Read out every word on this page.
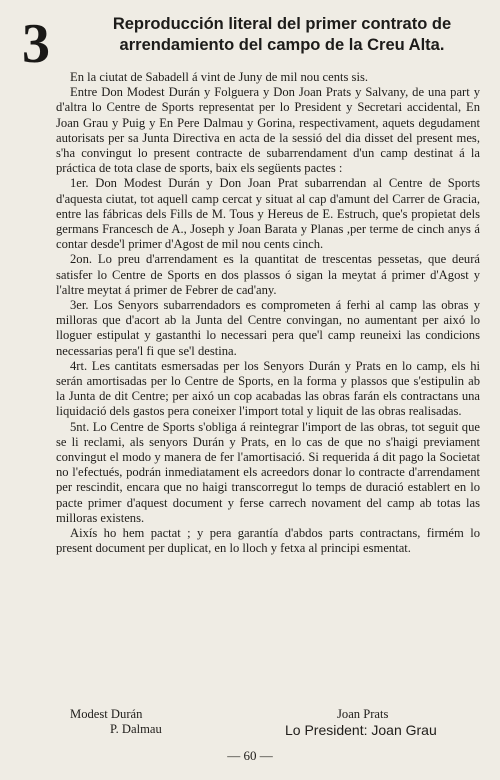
3	Reproducción literal del primer contrato de arrendamiento del campo de la Creu Alta.

En la ciutat de Sabadell á vint de Juny de mil nou cents sis.

Entre Don Modest Durán y Folguera y Don Joan Prats y Salvany, de una part y d'altra lo Centre de Sports representat per lo President y Secretari accidental, En Joan Grau y Puig y En Pere Dalmau y Gorina, respectivament, aquets degudament autorisats per sa Junta Directiva en acta de la sessió del dia disset del present mes, s'ha convingut lo present contracte de subarrendament d'un camp destinat á la práctica de tota clase de sports, baix els següents pactes :

1er. Don Modest Durán y Don Joan Prat subarrendan al Centre de Sports d'aquesta ciutat, tot aquell camp cercat y situat al cap d'amunt del Carrer de Gracia, entre las fábricas dels Fills de M. Tous y Hereus de E. Estruch, que's propietat dels germans Francesch de A., Joseph y Joan Barata y Planas ,per terme de cinch anys á contar desde'l primer d'Agost de mil nou cents cinch.

2on. Lo preu d'arrendament es la quantitat de trescentas pessetas, que deurá satisfer lo Centre de Sports en dos plassos ó sigan la meytat á primer d'Agost y l'altre meytat á primer de Febrer de cad'any.

3er. Los Senyors subarrendadors es comprometen á ferhi al camp las obras y milloras que d'acort ab la Junta del Centre convingan, no aumentant per aixó lo lloguer estipulat y gastanthi lo necessari pera que'l camp reuneixi las condicions necessarias pera'l fi que se'l destina.

4rt. Les cantitats esmersadas per los Senyors Durán y Prats en lo camp, els hi serán amortisadas per lo Centre de Sports, en la forma y plassos que s'estipulin ab la Junta de dit Centre; per aixó un cop acabadas las obras farán els contractans una liquidació dels gastos pera coneixer l'import total y liquit de las obras realisadas.

5nt. Lo Centre de Sports s'obliga á reintegrar l'import de las obras, tot seguit que se li reclami, als senyors Durán y Prats, en lo cas de que no s'haigi previament convingut el modo y manera de fer l'amortisació. Si requerida á dit pago la Societat no l'efectués, podrán inmediatament els acreedors donar lo contracte d'arrendament per rescindit, encara que no haigi transcorregut lo temps de duració establert en lo pacte primer d'aquest document y ferse carrech novament del camp ab totas las milloras existens.

Aixís ho hem pactat ; y pera garantía d'abdos parts contractans, firmém lo present document per duplicat, en lo lloch y fetxa al principi esmentat.

Modest Durán
P. Dalmau
Joan Prats
Lo President: Joan Grau
— 60 —
